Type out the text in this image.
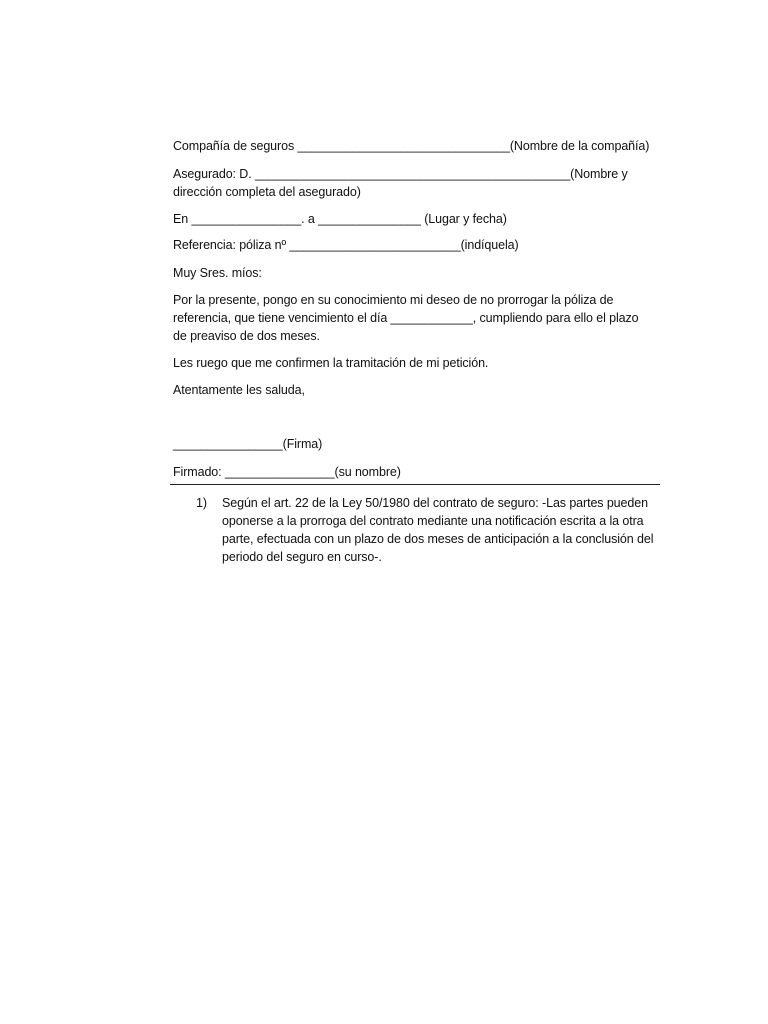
Compañía de seguros _______________________________(Nombre de la compañía)
Asegurado: D. ______________________________________________(Nombre y dirección completa del asegurado)
En ________________. a _______________ (Lugar y fecha)
Referencia: póliza nº _________________________(indíquela)
Muy Sres. míos:
Por la presente, pongo en su conocimiento mi deseo de no prorrogar la póliza de referencia, que tiene vencimiento el día ____________, cumpliendo para ello el plazo de preaviso de dos meses.
Les ruego que me confirmen la tramitación de mi petición.
Atentamente les saluda,
________________(Firma)
Firmado: ________________(su nombre)
1)	Según el art. 22 de la Ley 50/1980 del contrato de seguro: -Las partes pueden oponerse a la prorroga del contrato mediante una notificación escrita a la otra parte, efectuada con un plazo de dos meses de anticipación a la conclusión del periodo del seguro en curso-.
